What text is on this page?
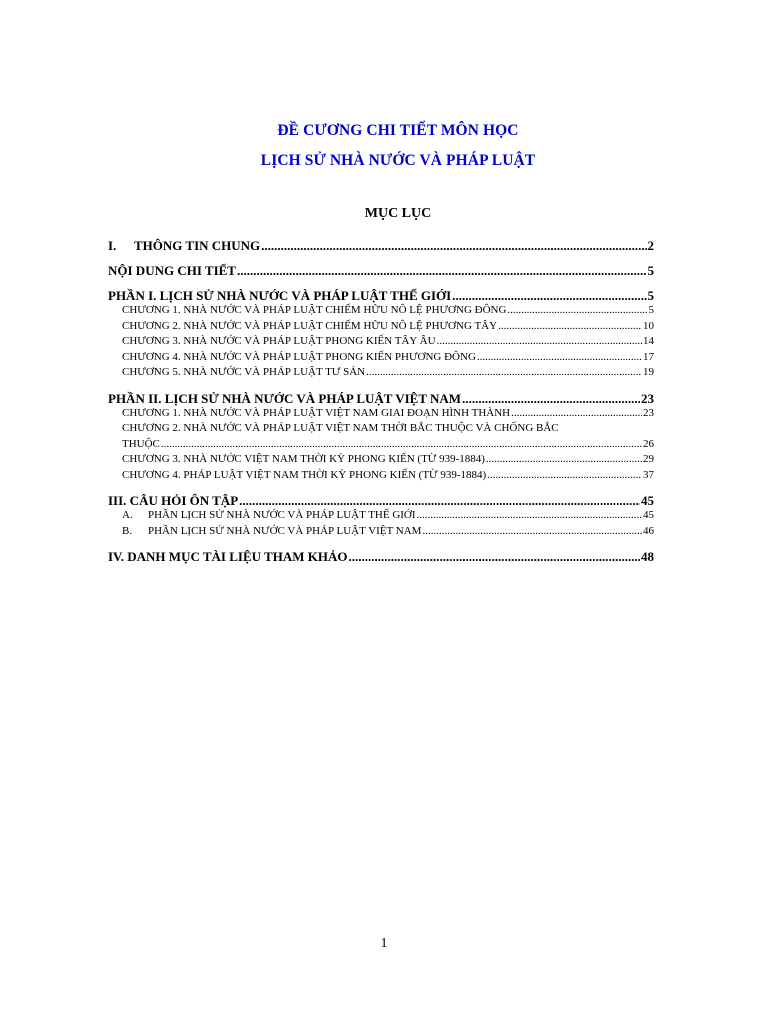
ĐỀ CƯƠNG CHI TIẾT MÔN HỌC
LỊCH SỬ NHÀ NƯỚC VÀ PHÁP LUẬT
MỤC LỤC
I. THÔNG TIN CHUNG .....	2
NỘI DUNG CHI TIẾT .....	5
PHẦN I. LỊCH SỬ NHÀ NƯỚC VÀ PHÁP LUẬT THẾ GIỚI .....	5
CHƯƠNG 1. NHÀ NƯỚC VÀ PHÁP LUẬT CHIẾM HỮU NÔ LỆ PHƯƠNG ĐÔNG .....	5
CHƯƠNG 2. NHÀ NƯỚC VÀ PHÁP LUẬT CHIẾM HỮU NÔ LỆ PHƯƠNG TÂY .....	10
CHƯƠNG 3. NHÀ NƯỚC VÀ PHÁP LUẬT PHONG KIẾN TÂY ÂU .....	14
CHƯƠNG 4. NHÀ NƯỚC VÀ PHÁP LUẬT PHONG KIẾN PHƯƠNG ĐÔNG .....	17
CHƯƠNG 5. NHÀ NƯỚC VÀ PHÁP LUẬT TƯ SẢN .....	19
PHẦN II. LỊCH SỬ NHÀ NƯỚC VÀ PHÁP LUẬT VIỆT NAM .....	23
CHƯƠNG 1. NHÀ NƯỚC VÀ PHÁP LUẬT VIỆT NAM GIAI ĐOẠN HÌNH THÀNH .....	23
CHƯƠNG 2. NHÀ NƯỚC VÀ PHÁP LUẬT VIỆT NAM THỜI BẮC THUỘC VÀ CHỐNG BẮC
THUỘC .....	26
CHƯƠNG 3. NHÀ NƯỚC VIỆT NAM THỜI KỲ PHONG KIẾN (TỪ 939-1884) .....	29
CHƯƠNG 4. PHÁP LUẬT VIỆT NAM THỜI KỲ PHONG KIẾN (TỪ 939-1884) .....	37
III. CÂU HỎI ÔN TẬP .....	45
A. PHẦN LỊCH SỬ NHÀ NƯỚC VÀ PHÁP LUẬT THẾ GIỚI .....	45
B. PHẦN LỊCH SỬ NHÀ NƯỚC VÀ PHÁP LUẬT VIỆT NAM .....	46
IV. DANH MỤC TÀI LIỆU THAM KHẢO .....	48
1
